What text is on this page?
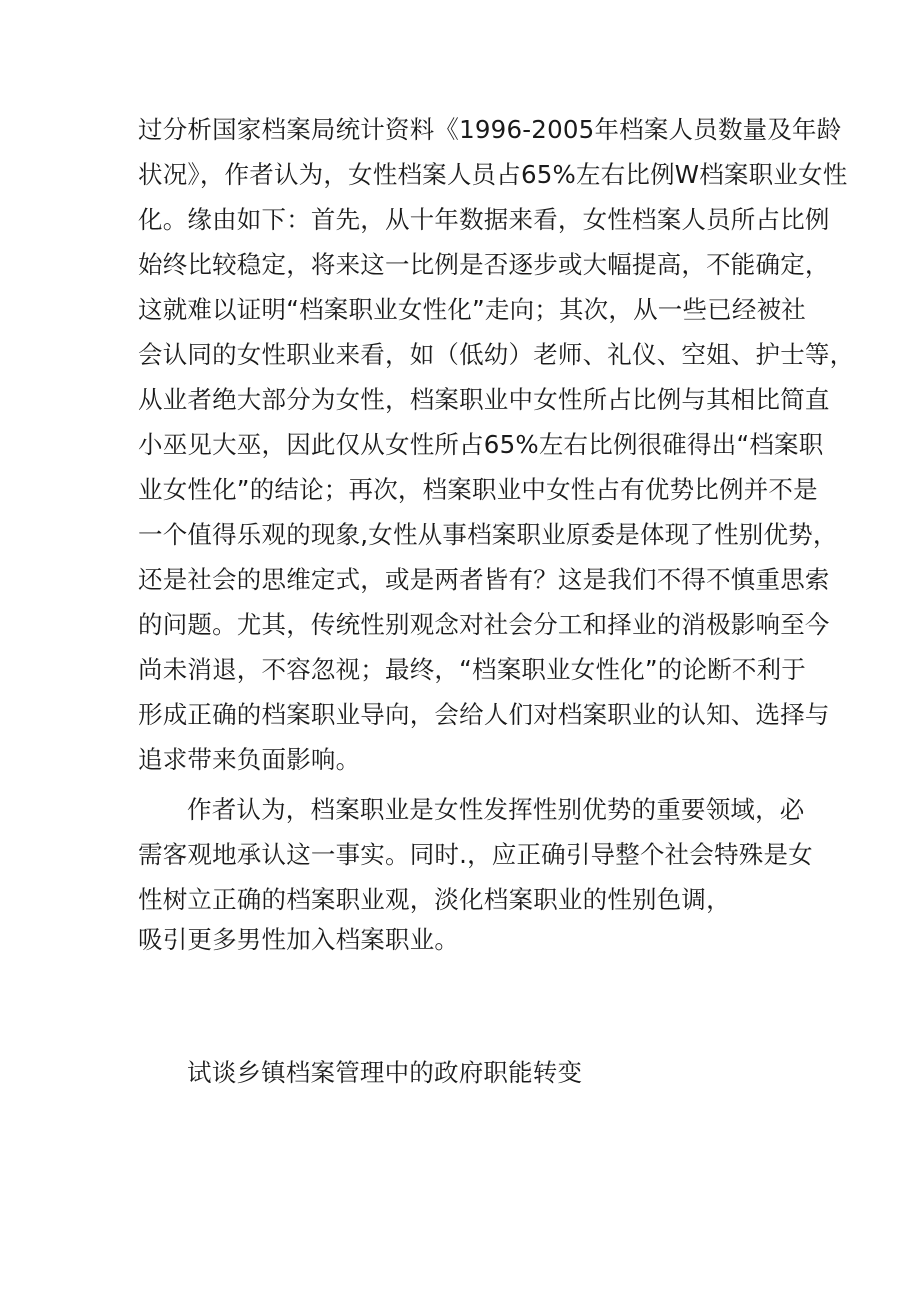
过分析国家档案局统计资料《1996-2005年档案人员数量及年龄
状况》，作者认为，女性档案人员占65%左右比例W档案职业女性
化。缘由如下：首先，从十年数据来看，女性档案人员所占比例
始终比较稳定，将来这一比例是否逐步或大幅提高，不能确定，
这就难以证明“档案职业女性化”走向；其次，从一些已经被社
会认同的女性职业来看，如（低幼）老师、礼仪、空姐、护士等，
从业者绝大部分为女性，档案职业中女性所占比例与其相比简直
小巫见大巫，因此仅从女性所占65%左右比例很碓得出“档案职
业女性化”的结论；再次，档案职业中女性占有优势比例并不是
一个值得乐观的现象,女性从事档案职业原委是体现了性别优势，
还是社会的思维定式，或是两者皆有？这是我们不得不慎重思索
的问题。尤其，传统性别观念对社会分工和择业的消极影响至今
尚未消退，不容忽视；最终，“档案职业女性化”的论断不利于
形成正确的档案职业导向，会给人们对档案职业的认知、选择与
追求带来负面影响。
作者认为，档案职业是女性发挥性别优势的重要领域，必
需客观地承认这一事实。同时.，应正确引导整个社会特殊是女
性树立正确的档案职业观，淡化档案职业的性别色调，
吸引更多男性加入档案职业。
试谈乡镇档案管理中的政府职能转变
